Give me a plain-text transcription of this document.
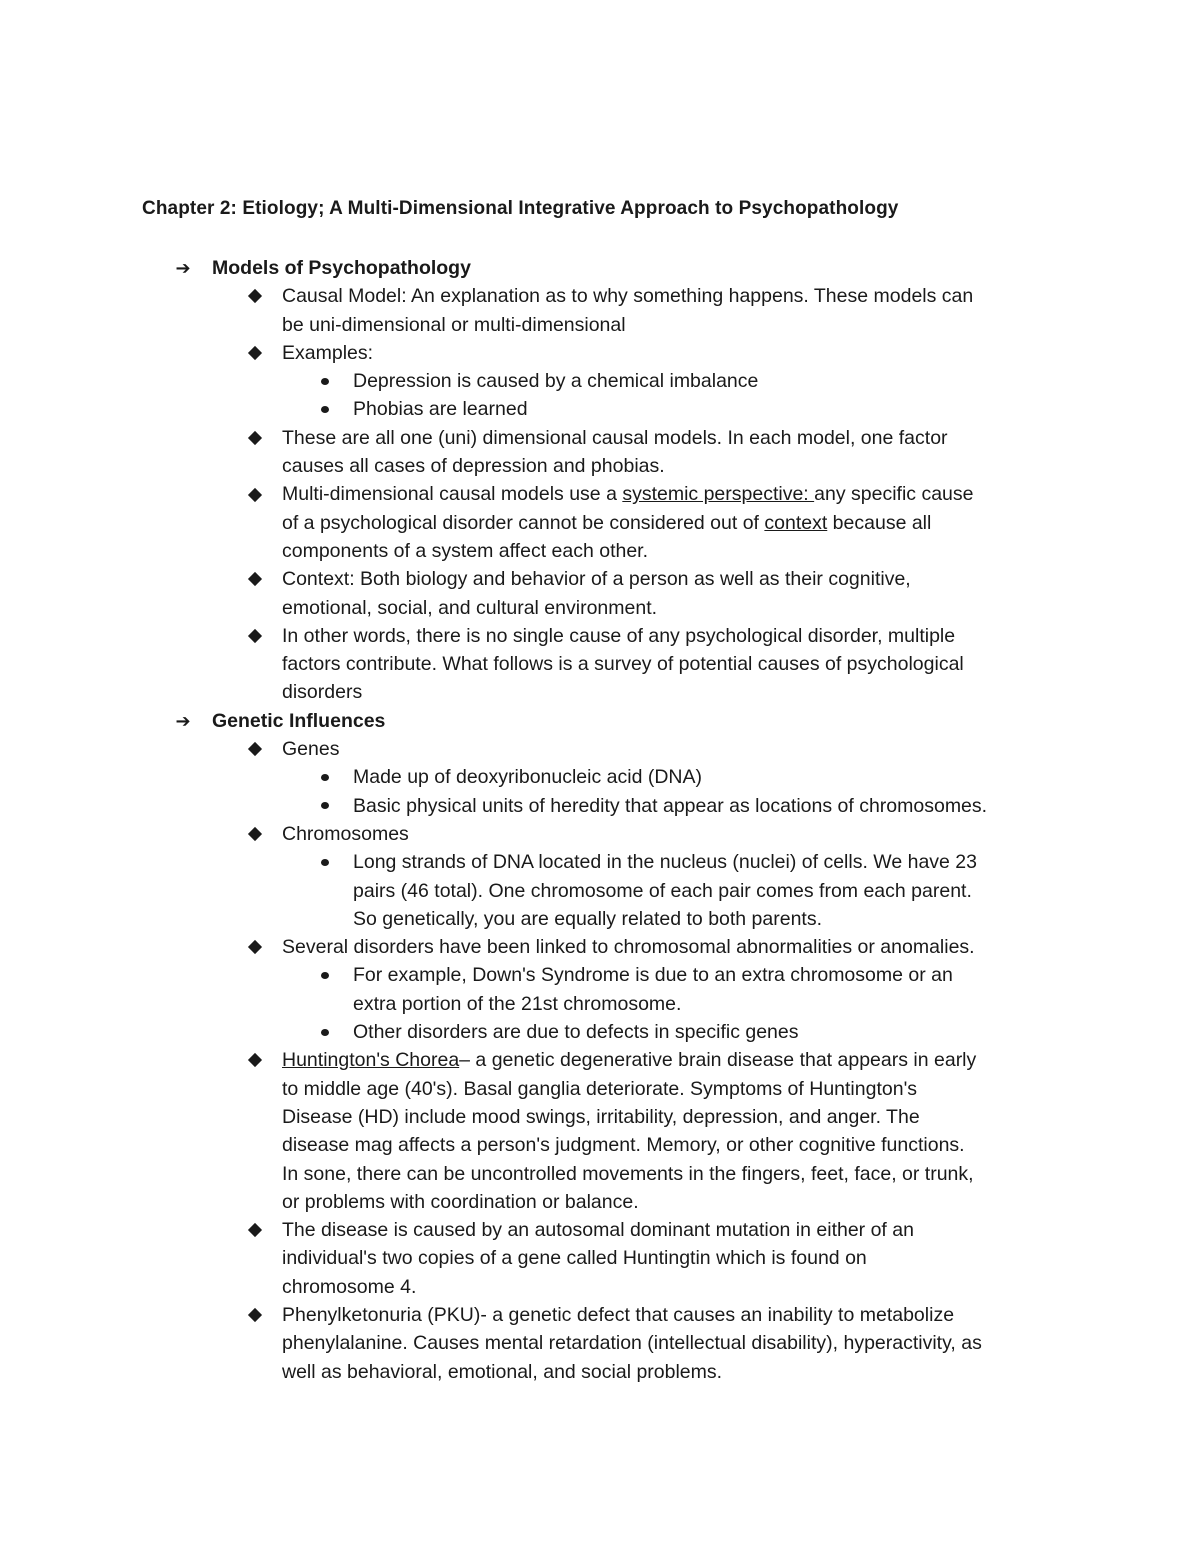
Chapter 2: Etiology; A Multi-Dimensional Integrative Approach to Psychopathology
➔ Models of Psychopathology
Causal Model: An explanation as to why something happens. These models can
be uni-dimensional or multi-dimensional
Examples:
Depression is caused by a chemical imbalance
Phobias are learned
These are all one (uni) dimensional causal models. In each model, one factor
causes all cases of depression and phobias.
Multi-dimensional causal models use a systemic perspective: any specific cause
of a psychological disorder cannot be considered out of context because all
components of a system affect each other.
Context: Both biology and behavior of a person as well as their cognitive,
emotional, social, and cultural environment.
In other words, there is no single cause of any psychological disorder, multiple
factors contribute. What follows is a survey of potential causes of psychological
disorders
➔ Genetic Influences
Genes
Made up of deoxyribonucleic acid (DNA)
Basic physical units of heredity that appear as locations of chromosomes.
Chromosomes
Long strands of DNA located in the nucleus (nuclei) of cells. We have 23
pairs (46 total). One chromosome of each pair comes from each parent.
So genetically, you are equally related to both parents.
Several disorders have been linked to chromosomal abnormalities or anomalies.
For example, Down's Syndrome is due to an extra chromosome or an
extra portion of the 21st chromosome.
Other disorders are due to defects in specific genes
Huntington's Chorea– a genetic degenerative brain disease that appears in early
to middle age (40's). Basal ganglia deteriorate. Symptoms of Huntington's
Disease (HD) include mood swings, irritability, depression, and anger. The
disease mag affects a person's judgment. Memory, or other cognitive functions.
In sone, there can be uncontrolled movements in the fingers, feet, face, or trunk,
or problems with coordination or balance.
The disease is caused by an autosomal dominant mutation in either of an
individual's two copies of a gene called Huntingtin which is found on
chromosome 4.
Phenylketonuria (PKU)- a genetic defect that causes an inability to metabolize
phenylalanine. Causes mental retardation (intellectual disability), hyperactivity, as
well as behavioral, emotional, and social problems.
